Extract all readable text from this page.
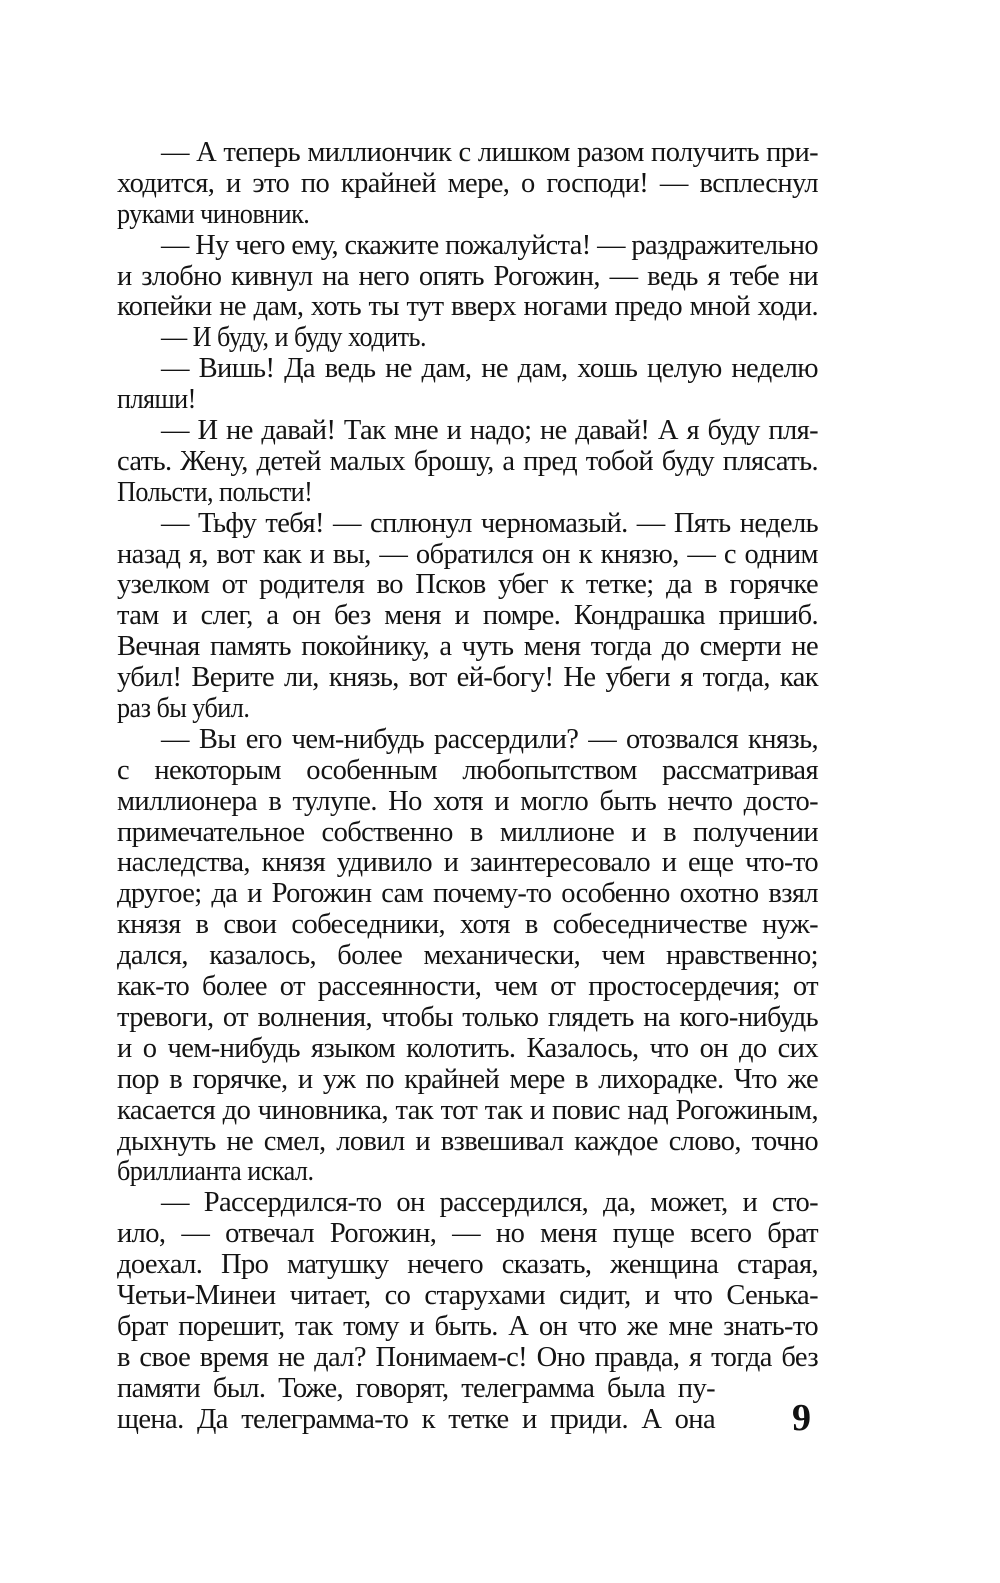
— А теперь миллиончик с лишком разом получить при-
ходится, и это по крайней мере, о господи! — всплеснул
руками чиновник.
— Ну чего ему, скажите пожалуйста! — раздражительно
и злобно кивнул на него опять Рогожин, — ведь я тебе ни
копейки не дам, хоть ты тут вверх ногами предо мной ходи.
— И буду, и буду ходить.
— Вишь! Да ведь не дам, не дам, хошь целую неделю
пляши!
— И не давай! Так мне и надо; не давай! А я буду пля-
сать. Жену, детей малых брошу, а пред тобой буду плясать.
Польсти, польсти!
— Тьфу тебя! — сплюнул черномазый. — Пять недель
назад я, вот как и вы, — обратился он к князю, — с одним
узелком от родителя во Псков убег к тетке; да в горячке
там и слег, а он без меня и помре. Кондрашка пришиб.
Вечная память покойнику, а чуть меня тогда до смерти не
убил! Верите ли, князь, вот ей-богу! Не убеги я тогда, как
раз бы убил.
— Вы его чем-нибудь рассердили? — отозвался князь,
с некоторым особенным любопытством рассматривая
миллионера в тулупе. Но хотя и могло быть нечто досто-
примечательное собственно в миллионе и в получении
наследства, князя удивило и заинтересовало и еще что-то
другое; да и Рогожин сам почему-то особенно охотно взял
князя в свои собеседники, хотя в собеседничестве нуж-
дался, казалось, более механически, чем нравственно;
как-то более от рассеянности, чем от простосердечия; от
тревоги, от волнения, чтобы только глядеть на кого-нибудь
и о чем-нибудь языком колотить. Казалось, что он до сих
пор в горячке, и уж по крайней мере в лихорадке. Что же
касается до чиновника, так тот так и повис над Рогожиным,
дыхнуть не смел, ловил и взвешивал каждое слово, точно
бриллианта искал.
— Рассердился-то он рассердился, да, может, и сто-
ило, — отвечал Рогожин, — но меня пуще всего брат
доехал. Про матушку нечего сказать, женщина старая,
Четьи-Минеи читает, со старухами сидит, и что Сенька-
брат порешит, так тому и быть. А он что же мне знать-то
в свое время не дал? Понимаем-с! Оно правда, я тогда без
памяти был. Тоже, говорят, телеграмма была пу-
щена. Да телеграмма-то к тетке и приди. А она 9
